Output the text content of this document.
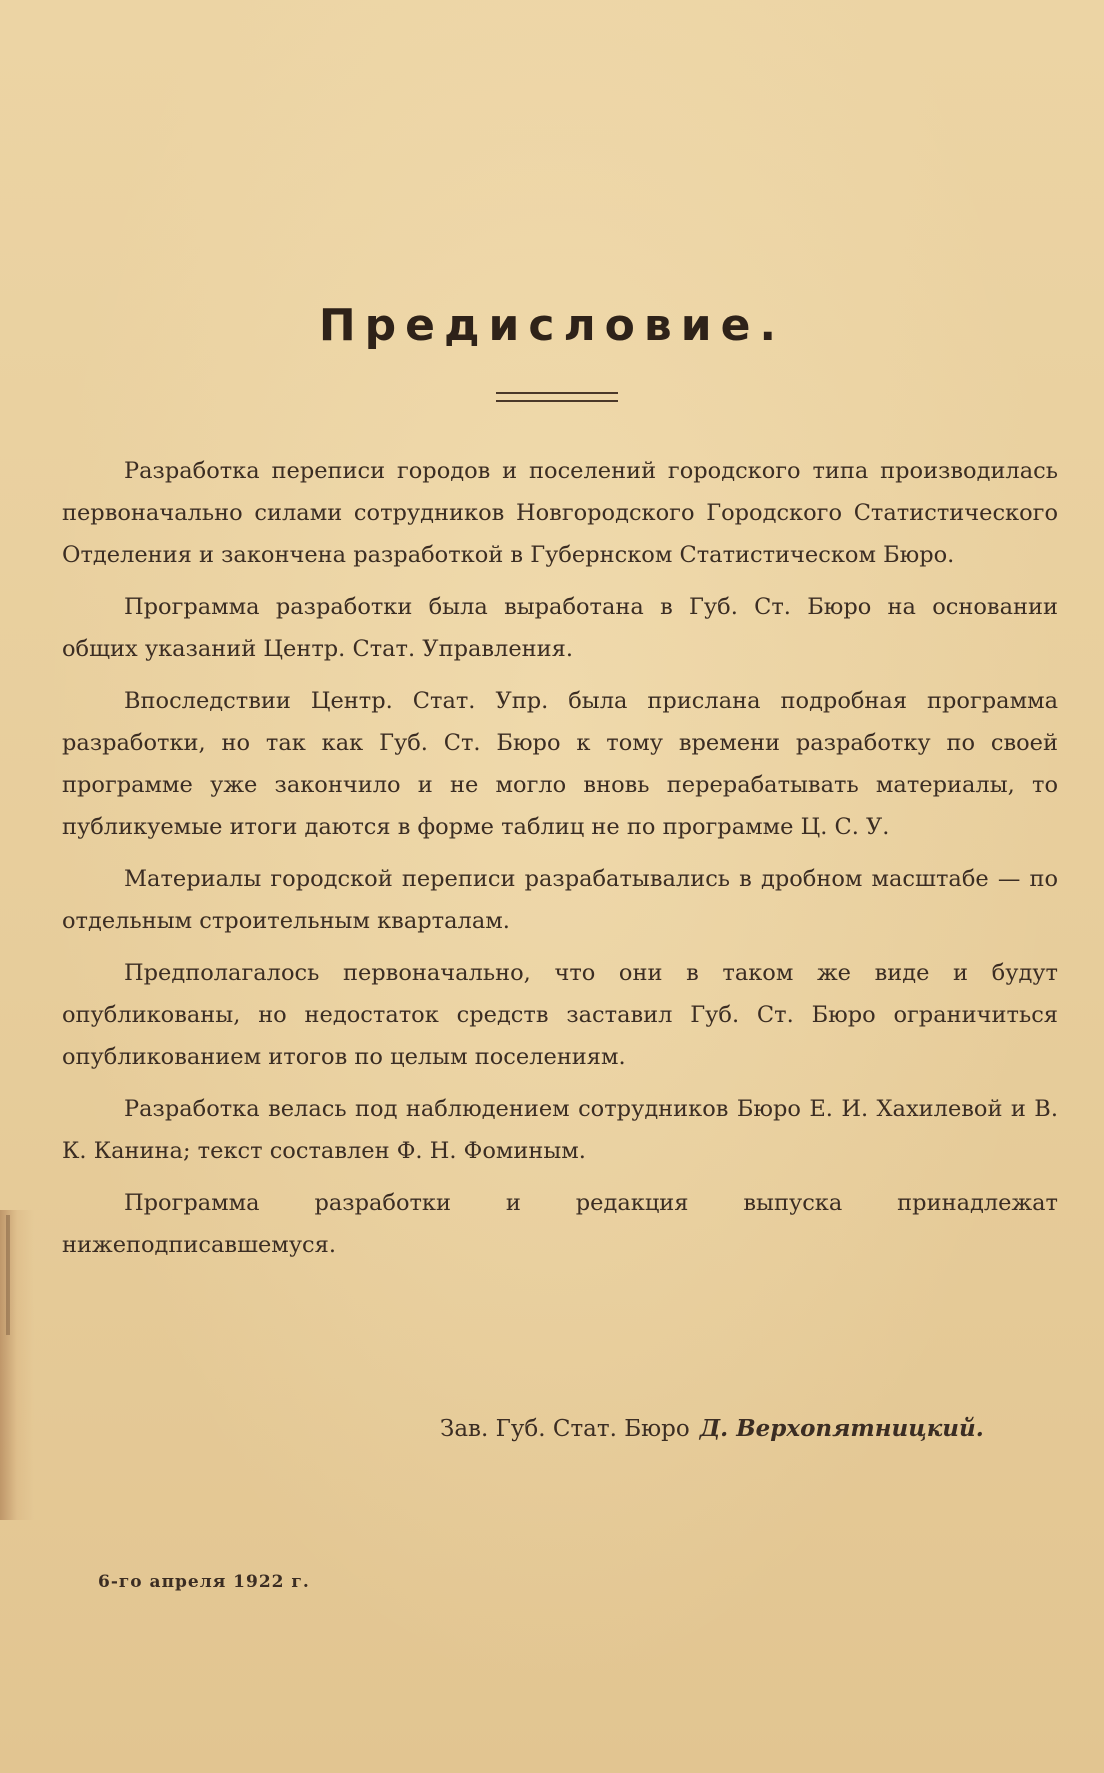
Предисловие.

Разработка переписи городов и поселений городского типа производилась первоначально силами сотрудников Новгородского Городского Статистического Отделения и закончена разработкой в Губернском Статистическом Бюро.

Программа разработки была выработана в Губ. Ст. Бюро на основании общих указаний Центр. Стат. Управления.

Впоследствии Центр. Стат. Упр. была прислана подробная программа разработки, но так как Губ. Ст. Бюро к тому времени разработку по своей программе уже закончило и не могло вновь перерабатывать материалы, то публикуемые итоги даются в форме таблиц не по программе Ц. С. У.

Материалы городской переписи разрабатывались в дробном масштабе — по отдельным строительным кварталам.

Предполагалось первоначально, что они в таком же виде и будут опубликованы, но недостаток средств заставил Губ. Ст. Бюро ограничиться опубликованием итогов по целым поселениям.

Разработка велась под наблюдением сотрудников Бюро Е. И. Хахилевой и В. К. Канина; текст составлен Ф. Н. Фоминым.

Программа разработки и редакция выпуска принадлежат нижеподписавшемуся.

Зав. Губ. Стат. Бюро Д. Верхопятницкий.
6-го апреля 1922 г.
